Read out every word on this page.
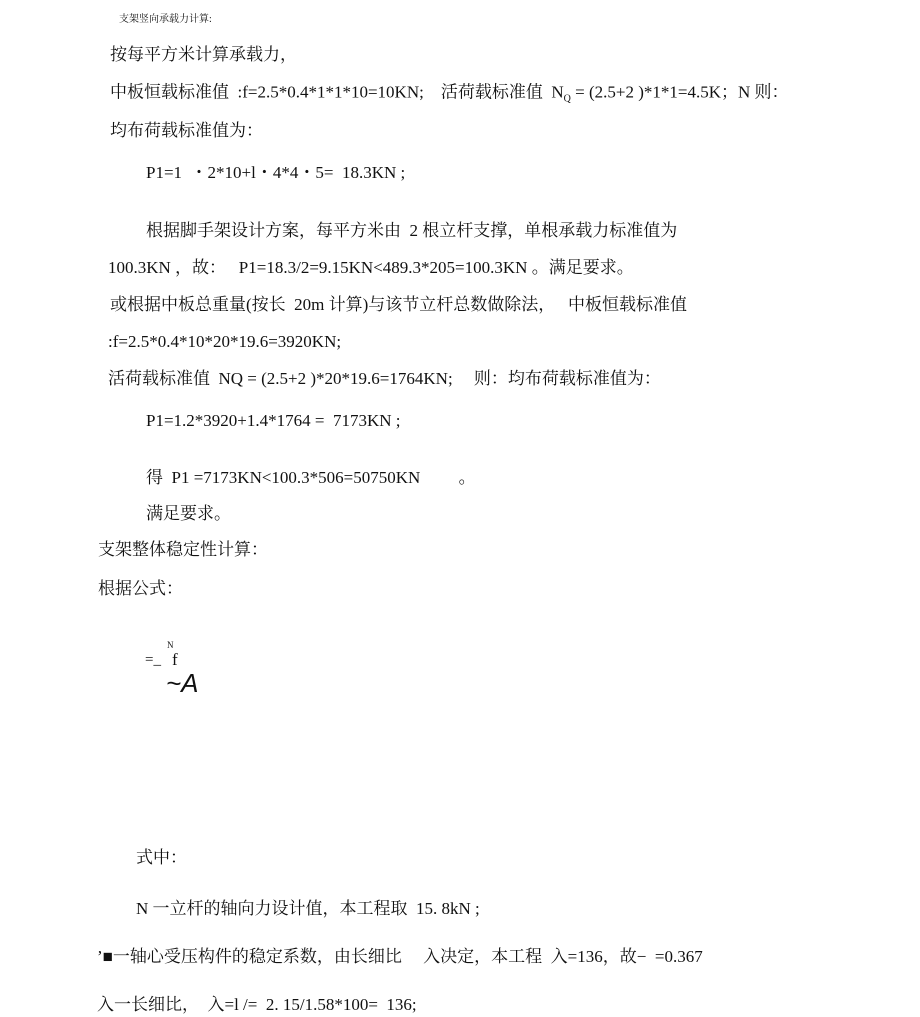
支架竖向承载力计算:
按每平方米计算承载力，
中板恒载标准值  :f=2.5*0.4*1*1*10=10KN;    活荷载标准值  $N_Q = (2.5+2$ )*1*1=4.5K；N 则：
均布荷载标准值为：
P1=1  ・2*10+l・4*4・5=  18.3KN ;
根据脚手架设计方案，每平方米由  2 根立杆支撑，单根承载力标准值为
100.3KN ，故：   P1=18.3/2=9.15KN<489.3*205=100.3KN 。满足要求。
或根据中板总重量(按长  20m 计算)与该节立杆总数做除法，   中板恒载标准值
:f=2.5*0.4*10*20*19.6=3920KN;
活荷载标准值  NQ = (2.5+2 )*20*19.6=1764KN;     则：均布荷载标准值为：
P1=1.2*3920+1.4*1764 =  7173KN ;
得  P1 =7173KN<100.3*506=50750KN         。
满足要求。
支架整体稳定性计算：
根据公式：
N
=_ f
~A
式中：
N 一立杆的轴向力设计值，本工程取  15. 8kN ;
’■一轴心受压构件的稳定系数，由长细比     入决定，本工程  入=136，故−  =0.367
入一长细比，  入=l /=  2. 15/1.58*100=  136;
